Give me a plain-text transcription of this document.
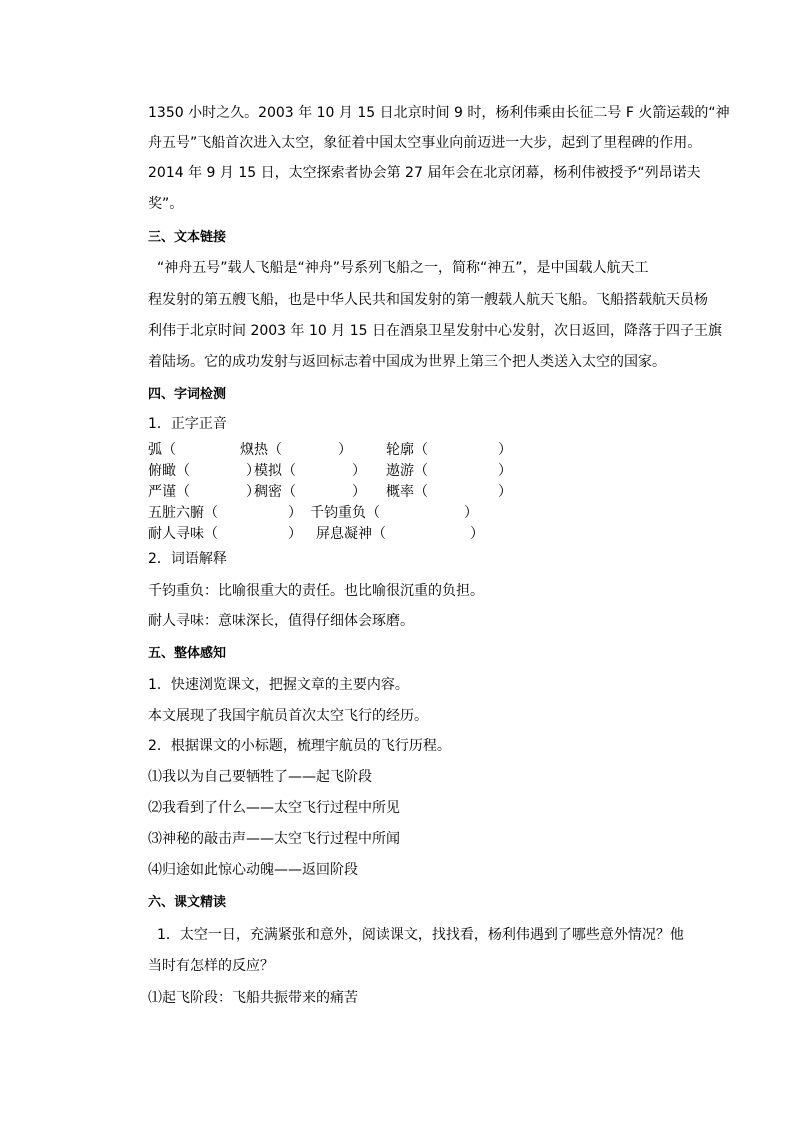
1350 小时之久。2003 年 10 月 15 日北京时间 9 时，杨利伟乘由长征二号 F 火箭运载的“神
舟五号”飞船首次进入太空，象征着中国太空事业向前迈进一大步，起到了里程碑的作用。
2014 年 9 月 15 日，太空探索者协会第 27 届年会在北京闭幕，杨利伟被授予“列昂诺夫
奖”。
三、文本链接
“神舟五号”载人飞船是“神舟”号系列飞船之一，简称“神五”，是中国载人航天工
程发射的第五艘飞船，也是中华人民共和国发射的第一艘载人航天飞船。飞船搭载航天员杨
利伟于北京时间 2003 年 10 月 15 日在酒泉卫星发射中心发射，次日返回，降落于四子王旗
着陆场。它的成功发射与返回标志着中国成为世界上第三个把人类送入太空的国家。
四、字词检测
1．正字正音
弧（　　　　　）
炽热（　　　　） 轮廓（　　　　　）
俯瞰（　　　　）
模拟（　　　　） 遨游（　　　　　）
严谨（　　　　）
稠密（　　　　） 概率（　　　　　）
五脏六腑（　　　　　） 千钧重负（　　　　　　）
耐人寻味（　　　　　） 屏息凝神（　　　　　　）
2．词语解释
千钧重负：比喻很重大的责任。也比喻很沉重的负担。
耐人寻味：意味深长，值得仔细体会琢磨。
五、整体感知
1．快速浏览课文，把握文章的主要内容。
本文展现了我国宇航员首次太空飞行的经历。
2．根据课文的小标题，梳理宇航员的飞行历程。
⑴我以为自己要牺牲了——起飞阶段
⑵我看到了什么——太空飞行过程中所见
⑶神秘的敲击声——太空飞行过程中所闻
⑷归途如此惊心动魄——返回阶段
六、课文精读
1．太空一日，充满紧张和意外，阅读课文，找找看，杨利伟遇到了哪些意外情况？他
当时有怎样的反应？
⑴起飞阶段：飞船共振带来的痛苦
